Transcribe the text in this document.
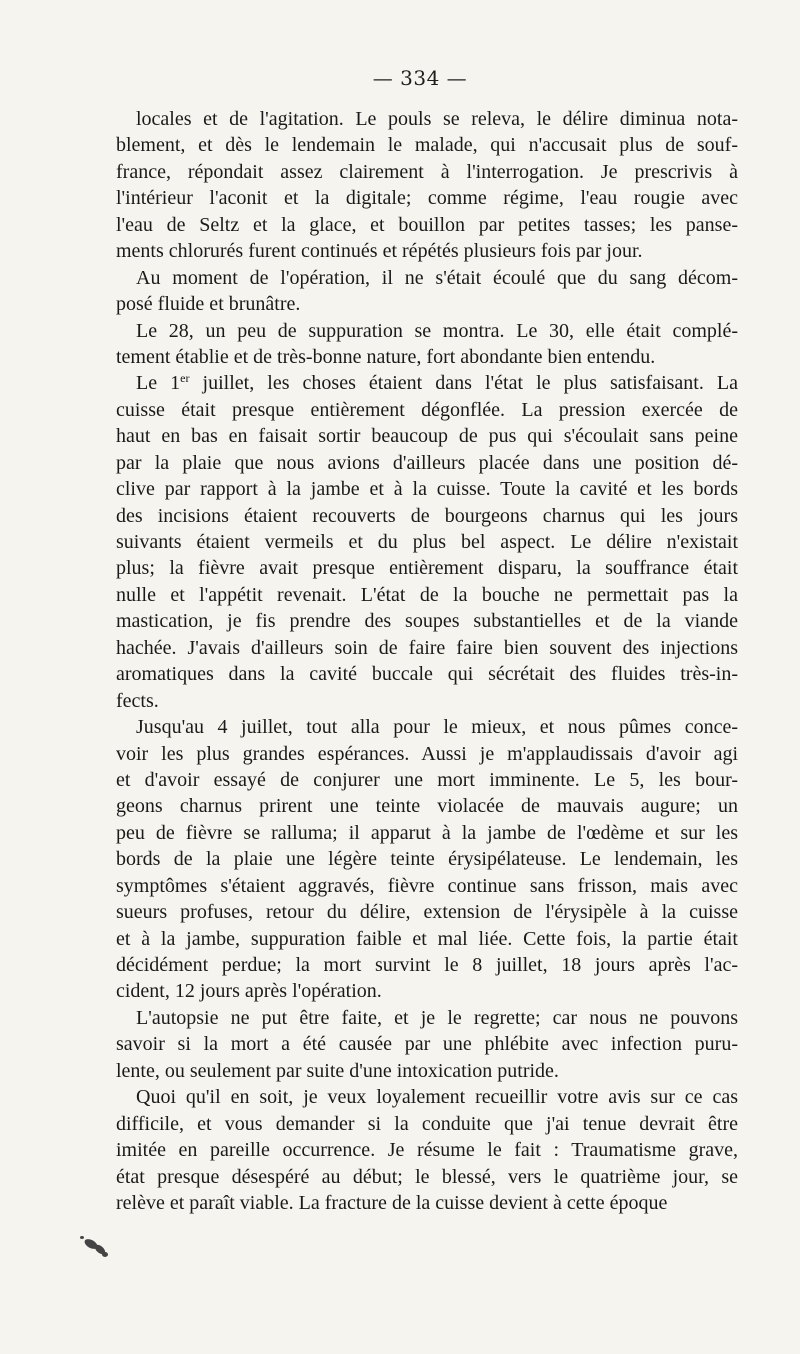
— 334 —
locales et de l'agitation. Le pouls se releva, le délire diminua nota-
blement, et dès le lendemain le malade, qui n'accusait plus de souf-
france, répondait assez clairement à l'interrogation. Je prescrivis à
l'intérieur l'aconit et la digitale; comme régime, l'eau rougie avec
l'eau de Seltz et la glace, et bouillon par petites tasses; les panse-
ments chlorurés furent continués et répétés plusieurs fois par jour.
Au moment de l'opération, il ne s'était écoulé que du sang décom-
posé fluide et brunâtre.
Le 28, un peu de suppuration se montra. Le 30, elle était complé-
tement établie et de très-bonne nature, fort abondante bien entendu.
Le 1er juillet, les choses étaient dans l'état le plus satisfaisant. La
cuisse était presque entièrement dégonflée. La pression exercée de
haut en bas en faisait sortir beaucoup de pus qui s'écoulait sans peine
par la plaie que nous avions d'ailleurs placée dans une position dé-
clive par rapport à la jambe et à la cuisse. Toute la cavité et les bords
des incisions étaient recouverts de bourgeons charnus qui les jours
suivants étaient vermeils et du plus bel aspect. Le délire n'existait
plus; la fièvre avait presque entièrement disparu, la souffrance était
nulle et l'appétit revenait. L'état de la bouche ne permettait pas la
mastication, je fis prendre des soupes substantielles et de la viande
hachée. J'avais d'ailleurs soin de faire faire bien souvent des injections
aromatiques dans la cavité buccale qui sécrétait des fluides très-in-
fects.
Jusqu'au 4 juillet, tout alla pour le mieux, et nous pûmes conce-
voir les plus grandes espérances. Aussi je m'applaudissais d'avoir agi
et d'avoir essayé de conjurer une mort imminente. Le 5, les bour-
geons charnus prirent une teinte violacée de mauvais augure; un
peu de fièvre se ralluma; il apparut à la jambe de l'œdème et sur les
bords de la plaie une légère teinte érysipélateuse. Le lendemain, les
symptômes s'étaient aggravés, fièvre continue sans frisson, mais avec
sueurs profuses, retour du délire, extension de l'érysipèle à la cuisse
et à la jambe, suppuration faible et mal liée. Cette fois, la partie était
décidément perdue; la mort survint le 8 juillet, 18 jours après l'ac-
cident, 12 jours après l'opération.
L'autopsie ne put être faite, et je le regrette; car nous ne pouvons
savoir si la mort a été causée par une phlébite avec infection puru-
lente, ou seulement par suite d'une intoxication putride.
Quoi qu'il en soit, je veux loyalement recueillir votre avis sur ce cas
difficile, et vous demander si la conduite que j'ai tenue devrait être
imitée en pareille occurrence. Je résume le fait : Traumatisme grave,
état presque désespéré au début; le blessé, vers le quatrième jour, se
relève et paraît viable. La fracture de la cuisse devient à cette époque
